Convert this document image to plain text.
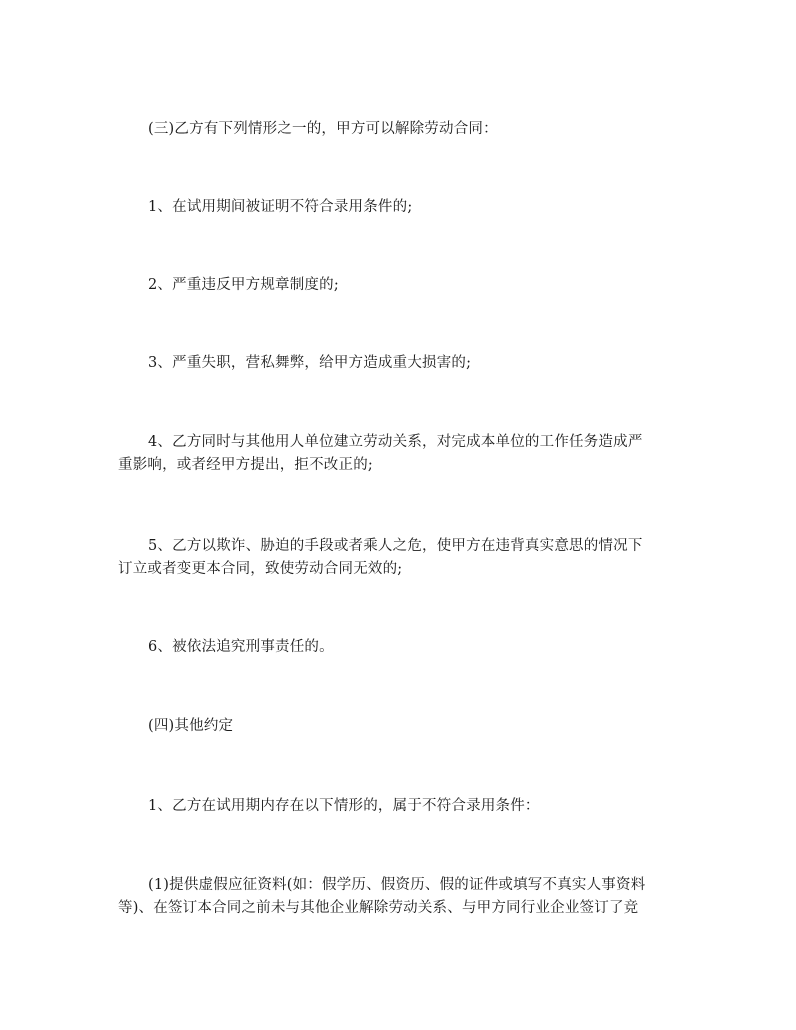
(三)乙方有下列情形之一的，甲方可以解除劳动合同：

1、在试用期间被证明不符合录用条件的;

2、严重违反甲方规章制度的;

3、严重失职，营私舞弊，给甲方造成重大损害的;

4、乙方同时与其他用人单位建立劳动关系，对完成本单位的工作任务造成严
重影响，或者经甲方提出，拒不改正的;

5、乙方以欺诈、胁迫的手段或者乘人之危，使甲方在违背真实意思的情况下
订立或者变更本合同，致使劳动合同无效的;

6、被依法追究刑事责任的。

(四)其他约定

1、乙方在试用期内存在以下情形的，属于不符合录用条件：

(1)提供虚假应征资料(如：假学历、假资历、假的证件或填写不真实人事资料
等)、在签订本合同之前未与其他企业解除劳动关系、与甲方同行业企业签订了竞
